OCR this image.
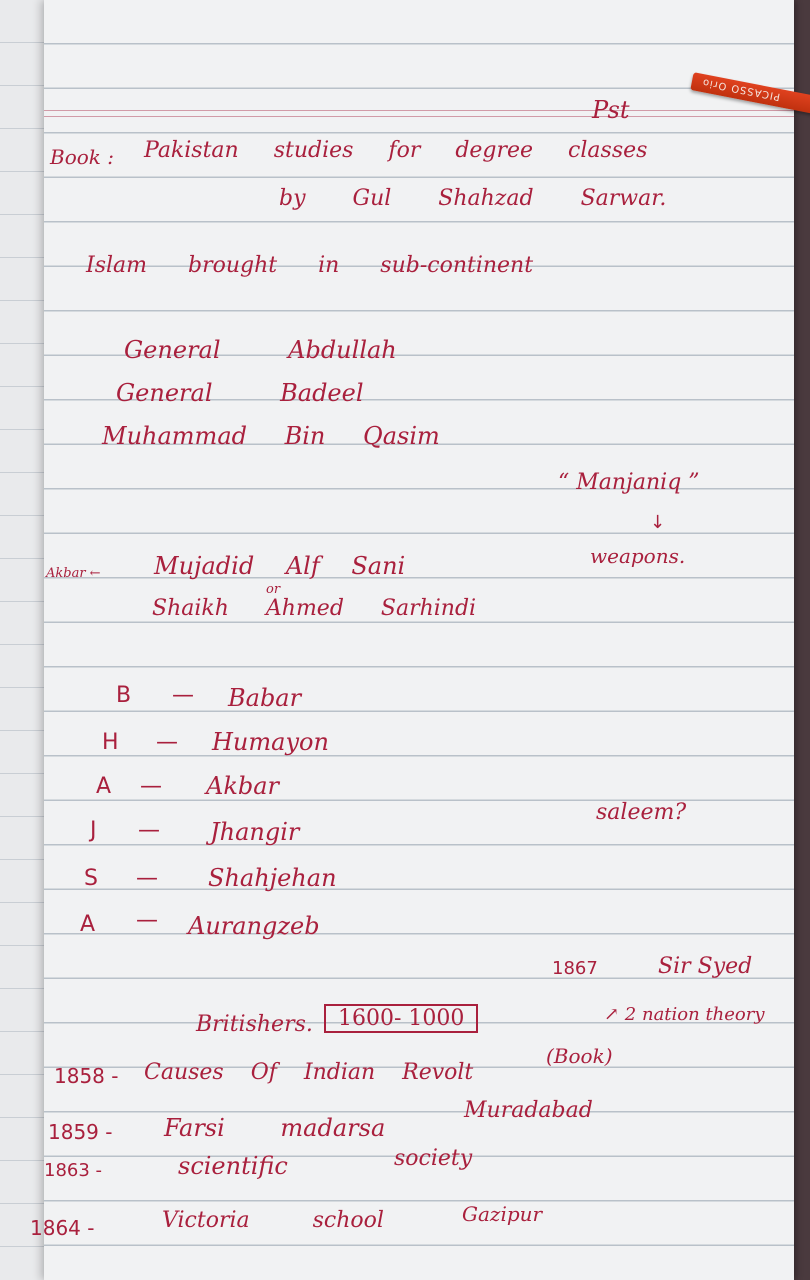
Pst
Book : Pakistan studies for degree classes
by Gul Shahzad Sarwar.
Islam brought in sub-continent
General Abdullah
General Badeel
Muhammad Bin Qasim
“ Manjaniq ”
↓
weapons.
Akbar ← Mujadid Alf Sani
or
Shaikh Ahmed Sarhindi
B — Babar
H — Humayon
A — Akbar
J — Jhangir
S — Shahjehan
A — Aurangzeb
saleem?
1867	Sir Syed
↗ 2 nation theory
Britishers.	1600- 1000
1858 - Causes Of Indian Revolt
(Book)
1859 - Farsi madarsa
Muradabad
1863 -	scientific	society
1864 -	Victoria school	Gazipur
PICASSO Orio
